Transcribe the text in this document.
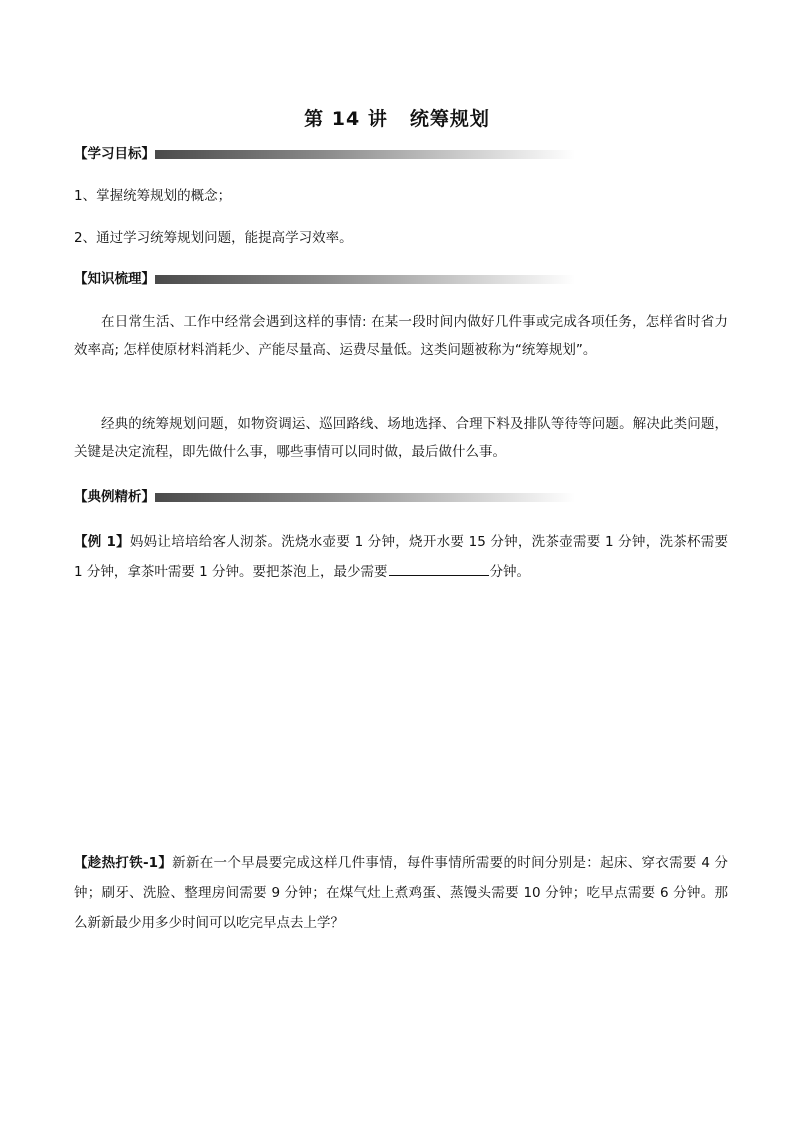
第 14 讲 统筹规划
【学习目标】
1、掌握统筹规划的概念；
2、通过学习统筹规划问题，能提高学习效率。
【知识梳理】
在日常生活、工作中经常会遇到这样的事情: 在某一段时间内做好几件事或完成各项任务，怎样省时省力效率高; 怎样使原材料消耗少、产能尽量高、运费尽量低。这类问题被称为“统筹规划”。
经典的统筹规划问题，如物资调运、巡回路线、场地选择、合理下料及排队等待等问题。解决此类问题，关键是决定流程，即先做什么事，哪些事情可以同时做，最后做什么事。
【典例精析】
【例 1】妈妈让培培给客人沏茶。洗烧水壶要 1 分钟，烧开水要 15 分钟，洗茶壶需要 1 分钟，洗茶杯需要 1 分钟，拿茶叶需要 1 分钟。要把茶泡上，最少需要	分钟。
【趁热打铁-1】新新在一个早晨要完成这样几件事情，每件事情所需要的时间分别是：起床、穿衣需要 4 分钟；刷牙、洗脸、整理房间需要 9 分钟；在煤气灶上煮鸡蛋、蒸馒头需要 10 分钟；吃早点需要 6 分钟。那么新新最少用多少时间可以吃完早点去上学？
